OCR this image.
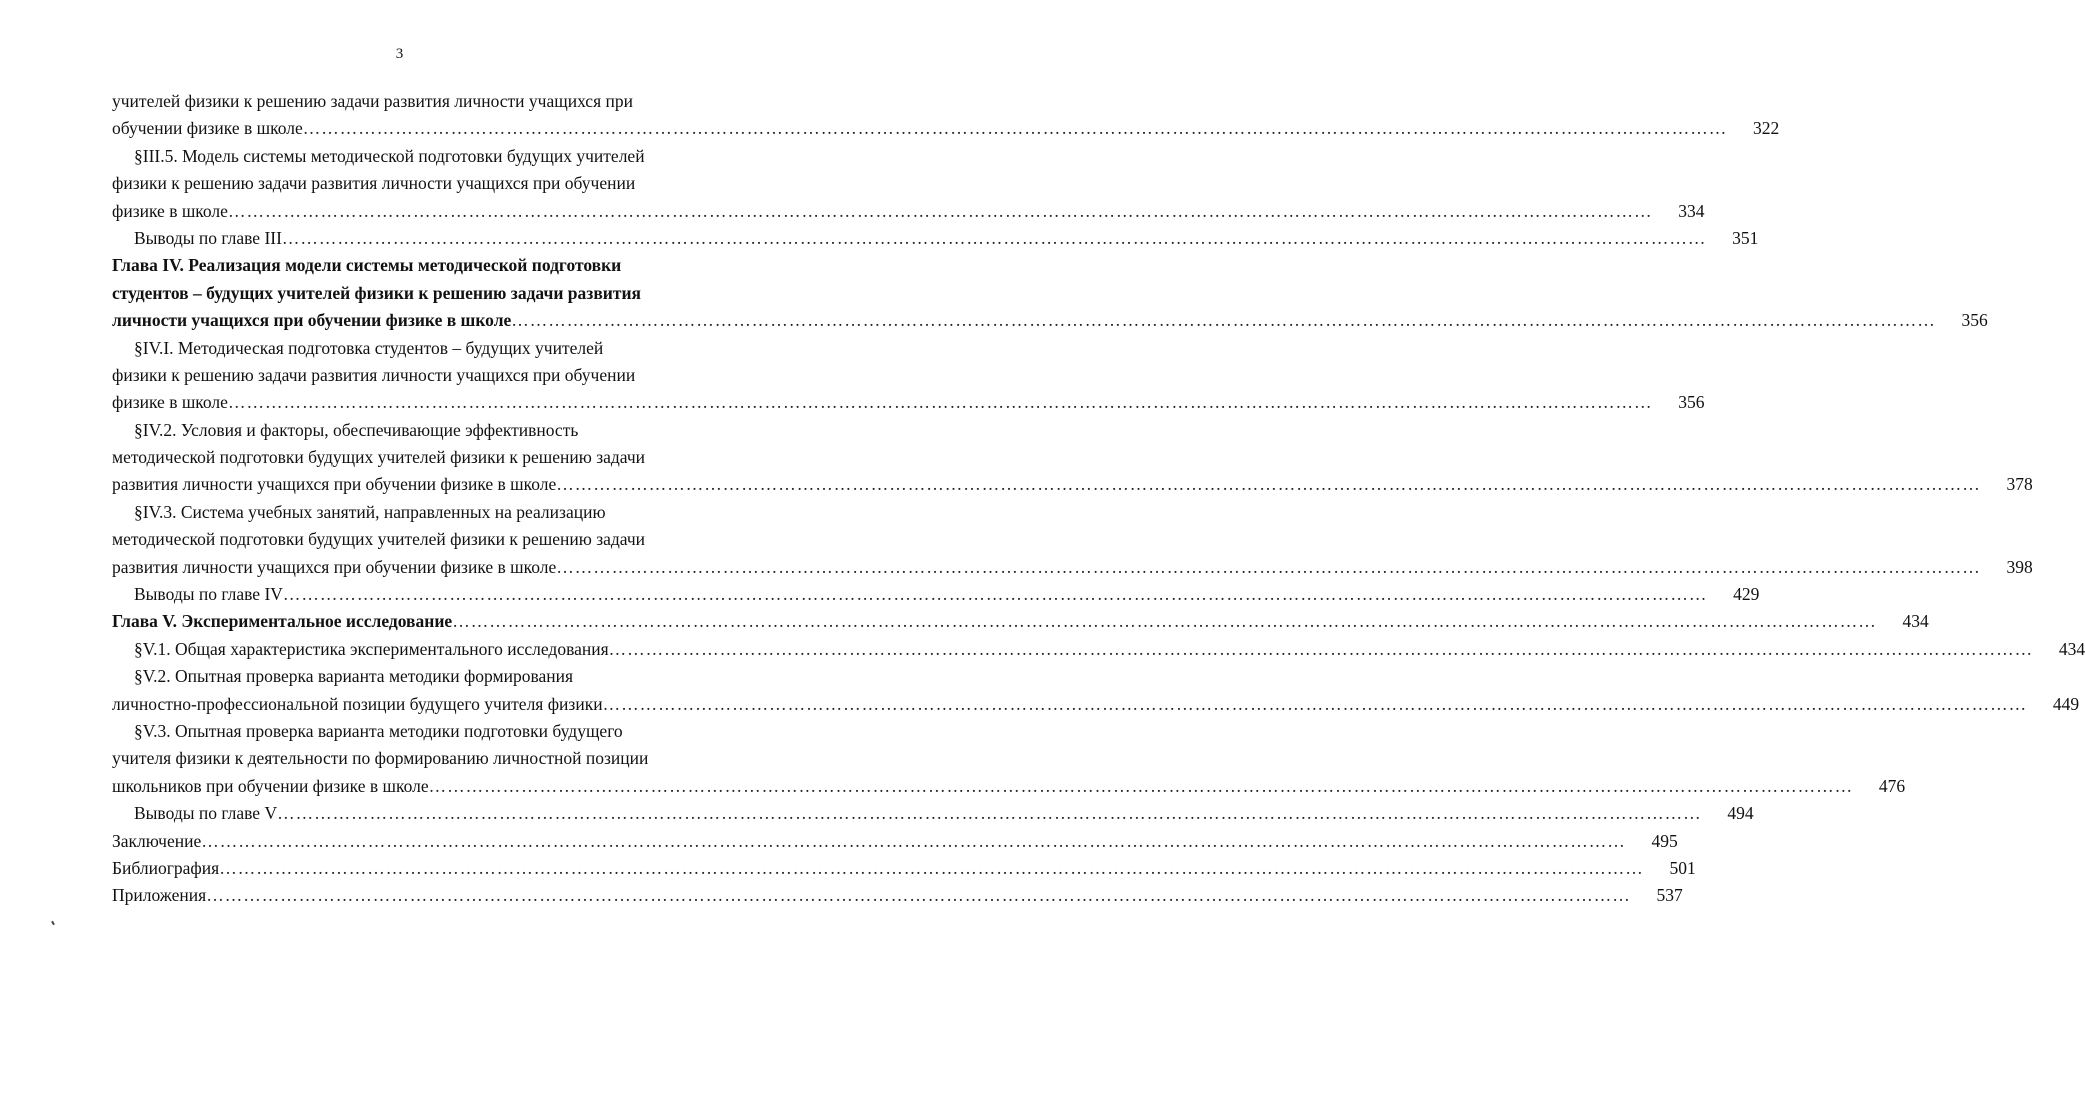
3
учителей физики к решению задачи развития личности учащихся при
обучении физике в школе ……………………………………………………………………………………………………………………………………………………………………………………………………………	322
§III.5. Модель системы методической подготовки будущих учителей
физики к решению задачи развития личности учащихся при обучении
физике в школе ……………………………………………………………………………………………………………………………………………………………………………………………………………	334
Выводы по главе III ……………………………………………………………………………………………………………………………………………………………………………………………………………	351
Глава IV. Реализация модели системы методической подготовки
студентов – будущих учителей физики к решению задачи развития
личности учащихся при обучении физике в школе ……………………………………………………………………………………………………………………………………………………………………………………………………………	356
§IV.I. Методическая подготовка студентов – будущих учителей
физики к решению задачи развития личности учащихся при обучении
физике в школе ……………………………………………………………………………………………………………………………………………………………………………………………………………	356
§IV.2. Условия и факторы, обеспечивающие эффективность
методической подготовки будущих учителей физики к решению задачи
развития личности учащихся при обучении физике в школе ……………………………………………………………………………………………………………………………………………………………………………………………………………	378
§IV.3. Система учебных занятий, направленных на реализацию
методической подготовки будущих учителей физики к решению задачи
развития личности учащихся при обучении физике в школе ……………………………………………………………………………………………………………………………………………………………………………………………………………	398
Выводы по главе IV ……………………………………………………………………………………………………………………………………………………………………………………………………………	429
Глава V. Экспериментальное исследование ……………………………………………………………………………………………………………………………………………………………………………………………………………	434
§V.1. Общая характеристика экспериментального исследования ……………………………………………………………………………………………………………………………………………………………………………………………………………	434
§V.2. Опытная проверка варианта методики формирования
личностно-профессиональной позиции будущего учителя физики ……………………………………………………………………………………………………………………………………………………………………………………………………………	449
§V.3. Опытная проверка варианта методики подготовки будущего
учителя физики к деятельности по формированию личностной позиции
школьников при обучении физике в школе ……………………………………………………………………………………………………………………………………………………………………………………………………………	476
Выводы по главе V ……………………………………………………………………………………………………………………………………………………………………………………………………………	494
Заключение ……………………………………………………………………………………………………………………………………………………………………………………………………………	495
Библиография ……………………………………………………………………………………………………………………………………………………………………………………………………………	501
Приложения ……………………………………………………………………………………………………………………………………………………………………………………………………………	537
